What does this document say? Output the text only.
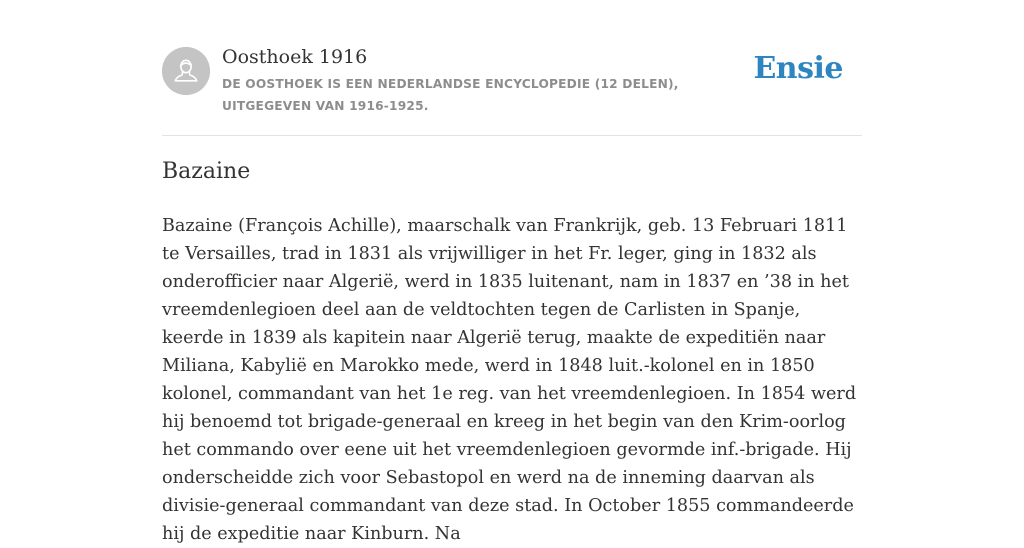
Oosthoek 1916
DE OOSTHOEK IS EEN NEDERLANDSE ENCYCLOPEDIE (12 DELEN), UITGEGEVEN VAN 1916-1925.
Ensie
Bazaine

Bazaine (François Achille), maarschalk van Frankrijk, geb. 13 Februari 1811 te Versailles, trad in 1831 als vrijwilliger in het Fr. leger, ging in 1832 als onderofficier naar Algerië, werd in 1835 luitenant, nam in 1837 en ’38 in het vreemdenlegioen deel aan de veldtochten tegen de Carlisten in Spanje, keerde in 1839 als kapitein naar Algerië terug, maakte de expeditiën naar Miliana, Kabylië en Marokko mede, werd in 1848 luit.-kolonel en in 1850 kolonel, commandant van het 1e reg. van het vreemdenlegioen. In 1854 werd hij benoemd tot brigade-generaal en kreeg in het begin van den Krim-oorlog het commando over eene uit het vreemdenlegioen gevormde inf.-brigade. Hij onderscheidde zich voor Sebastopol en werd na de inneming daarvan als divisie-generaal commandant van deze stad. In October 1855 commandeerde hij de expeditie naar Kinburn. Na
